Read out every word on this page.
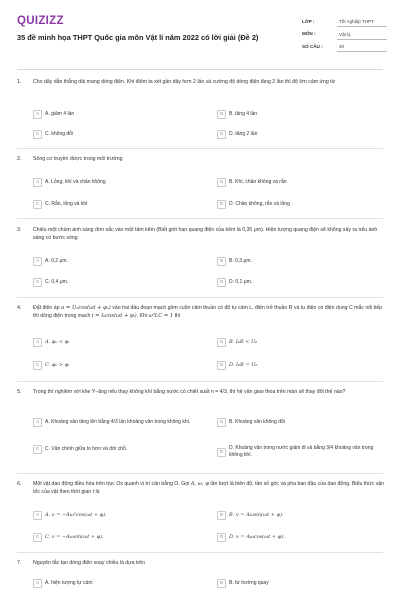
QUIZIZZ
35 đề minh họa THPT Quốc gia môn Vật lí năm 2022 có lời giải (Đề 2)
LỚP :	Tốt nghiệp THPT
MÔN :	Vật lý
SỐ CÂU :	40
1. Cho dây dẫn thẳng dài mang dòng điện. Khi điểm ta xét gần dây hơn 2 lần và cường độ dòng điện tăng 2 lần thì độ lớn cảm ứng từ
A	A. giảm 4 lần	B	B. tăng 4 lần
C	C. không đổi	D	D. tăng 2 lần
2. Sóng cơ truyền được trong môi trường
A	A. Lỏng, khí và chân không	B	B. Khí, chân không và rắn
C	C. Rắn, lỏng và khí	D	D. Chân không, rắn và lỏng
3. Chiếu một chùm ánh sáng đơn sắc vào một tấm kẽm (Biết giới hạn quang điện của kẽm là 0,35 μm). Hiện tượng quang điện sẽ không xảy ra nếu ánh sáng có bước sóng
A	A. 0,2 μm.	B	B. 0,3 μm.
C	C. 0,4 μm.	D	D. 0,1 μm.
4. Đặt điện áp u = U₀cos(ωt + φᵤ) vào hai đầu đoạn mạch gồm cuộn cảm thuần có độ tự cảm L, điện trở thuần R và tụ điện có điện dung C mắc nối tiếp thì dòng điện trong mạch i = I₀cos(ωt + φᵢ). Khi ω²LC = 1 thì
A	A. φᵤ < φᵢ	B	B. I₀R < U₀
C	C. φᵤ > φᵢ	D	D. I₀R = U₀
5. Trong thí nghiệm với khe Y–âng nếu thay không khí bằng nước có chiết suất n = 4/3, thì hệ vân giao thoa trên màn sẽ thay đổi thế nào?
A	A. Khoảng vân tăng lên bằng 4/3 lần khoảng vân trong không khí.	B	B. Khoảng vân không đổi
C	C. Vân chính giữa to hơn và dời chỗ.	D
D. Khoảng vân trong nước giảm đi và bằng 3/4 khoảng vân trong không khí.
6. Một vật dao động điều hòa trên trục Ox quanh vị trí cân bằng O. Gọi A, ω, φ lần lượt là biên độ, tần số góc và pha ban đầu của dao động. Biểu thức vận tốc của vật theo thời gian t là
A	A. v = −Aω²cos(ωt + φ).	B	B. v = Aωsin(ωt + φ).
C	C. v = −Aωsin(ωt + φ).	D	D. v = Aωcos(ωt + φ).
7. Nguyên tắc tạo dòng điện xoay chiều là dựa trên
A	A. hiện tượng tự cảm	B	B. từ trường quay
